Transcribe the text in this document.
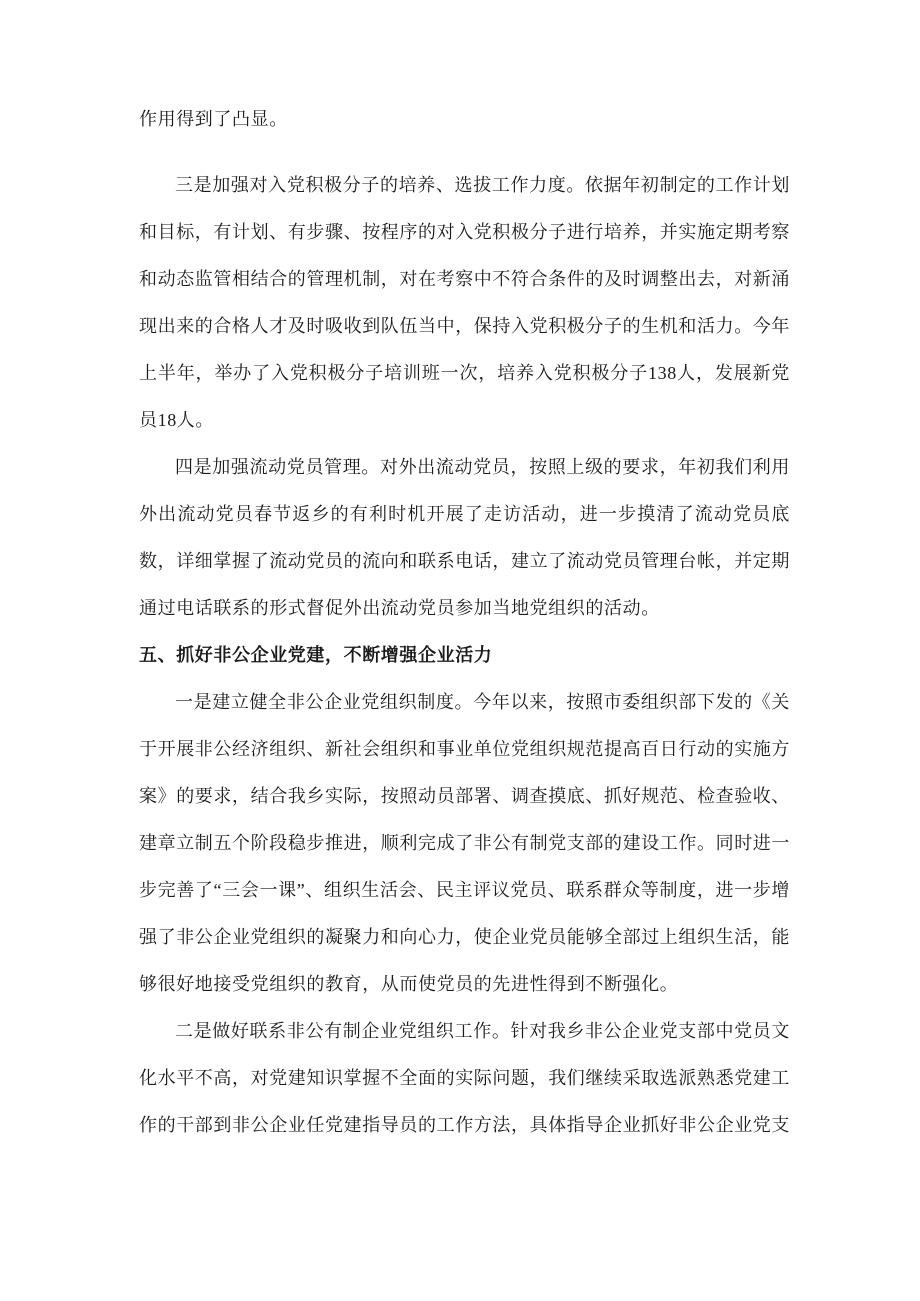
作用得到了凸显。

三是加强对入党积极分子的培养、选拔工作力度。依据年初制定的工作计划和目标，有计划、有步骤、按程序的对入党积极分子进行培养，并实施定期考察和动态监管相结合的管理机制，对在考察中不符合条件的及时调整出去，对新涌现出来的合格人才及时吸收到队伍当中，保持入党积极分子的生机和活力。今年上半年，举办了入党积极分子培训班一次，培养入党积极分子138人，发展新党员18人。

四是加强流动党员管理。对外出流动党员，按照上级的要求，年初我们利用外出流动党员春节返乡的有利时机开展了走访活动，进一步摸清了流动党员底数，详细掌握了流动党员的流向和联系电话，建立了流动党员管理台帐，并定期通过电话联系的形式督促外出流动党员参加当地党组织的活动。

五、抓好非公企业党建，不断增强企业活力

一是建立健全非公企业党组织制度。今年以来，按照市委组织部下发的《关于开展非公经济组织、新社会组织和事业单位党组织规范提高百日行动的实施方案》的要求，结合我乡实际，按照动员部署、调查摸底、抓好规范、检查验收、建章立制五个阶段稳步推进，顺利完成了非公有制党支部的建设工作。同时进一步完善了“三会一课”、组织生活会、民主评议党员、联系群众等制度，进一步增强了非公企业党组织的凝聚力和向心力，使企业党员能够全部过上组织生活，能够很好地接受党组织的教育，从而使党员的先进性得到不断强化。

二是做好联系非公有制企业党组织工作。针对我乡非公企业党支部中党员文化水平不高，对党建知识掌握不全面的实际问题，我们继续采取选派熟悉党建工作的干部到非公企业任党建指导员的工作方法，具体指导企业抓好非公企业党支
